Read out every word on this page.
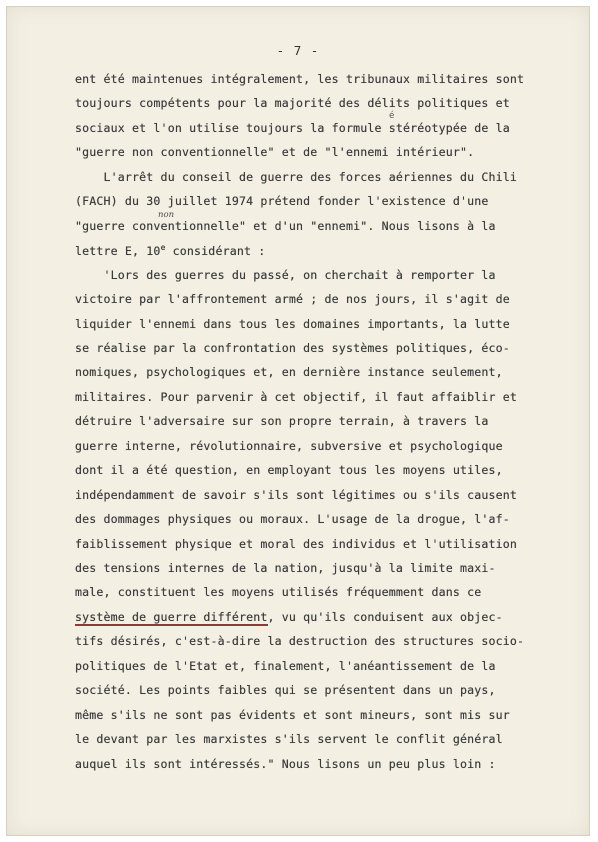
- 7 -
non
é
ent été maintenues intégralement, les tribunaux militaires sont
toujours compétents pour la majorité des délits politiques et
sociaux et l'on utilise toujours la formule stéréotypée de la
"guerre non conventionnelle" et de "l'ennemi intérieur".
L'arrêt du conseil de guerre des forces aériennes du Chili
(FACH) du 30 juillet 1974 prétend fonder l'existence d'une
"guerre conventionnelle" et d'un "ennemi". Nous lisons à la
lettre E, 10e considérant :
'Lors des guerres du passé, on cherchait à remporter la
victoire par l'affrontement armé ; de nos jours, il s'agit de
liquider l'ennemi dans tous les domaines importants, la lutte
se réalise par la confrontation des systèmes politiques, éco-
nomiques, psychologiques et, en dernière instance seulement,
militaires. Pour parvenir à cet objectif, il faut affaiblir et
détruire l'adversaire sur son propre terrain, à travers la
guerre interne, révolutionnaire, subversive et psychologique
dont il a été question, en employant tous les moyens utiles,
indépendamment de savoir s'ils sont légitimes ou s'ils causent
des dommages physiques ou moraux. L'usage de la drogue, l'af-
faiblissement physique et moral des individus et l'utilisation
des tensions internes de la nation, jusqu'à la limite maxi-
male, constituent les moyens utilisés fréquemment dans ce
système de guerre différent, vu qu'ils conduisent aux objec-
tifs désirés, c'est-à-dire la destruction des structures socio-
politiques de l'Etat et, finalement, l'anéantissement de la
société. Les points faibles qui se présentent dans un pays,
même s'ils ne sont pas évidents et sont mineurs, sont mis sur
le devant par les marxistes s'ils servent le conflit général
auquel ils sont intéressés." Nous lisons un peu plus loin :
